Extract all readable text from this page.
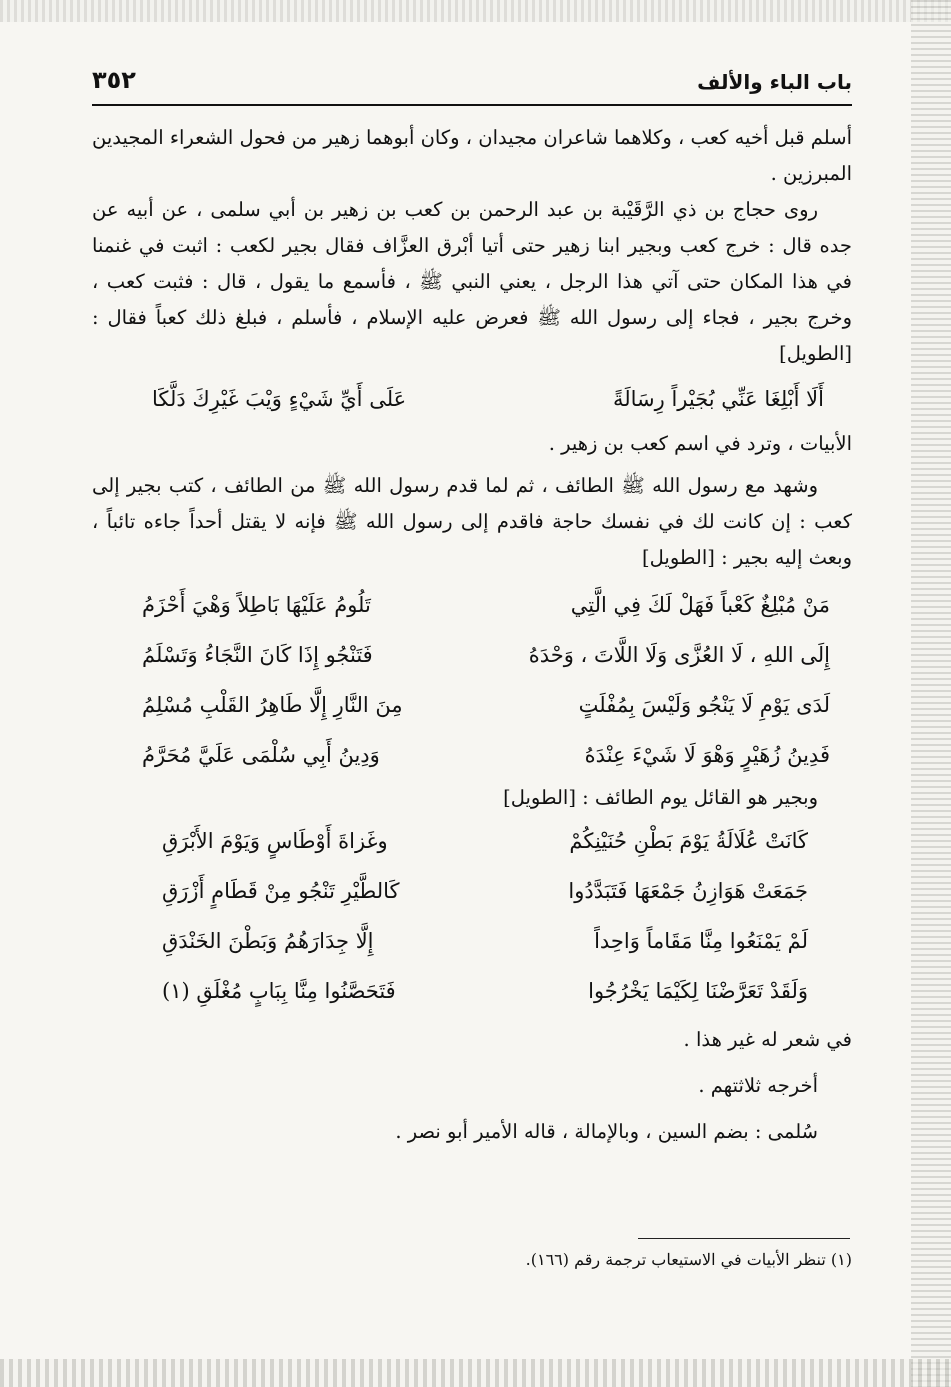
باب الباء والألف
٣٥٢

أسلم قبل أخيه كعب ، وكلاهما شاعران مجيدان ، وكان أبوهما زهير من فحول الشعراء المجيدين المبرزين .

روى حجاج بن ذي الرَّقَيْبة بن عبد الرحمن بن كعب بن زهير بن أبي سلمى ، عن أبيه عن جده قال : خرج كعب وبجير ابنا زهير حتى أتيا أبْرق العزَّاف فقال بجير لكعب : اثبت في غنمنا في هذا المكان حتى آتي هذا الرجل ، يعني النبي ﷺ ، فأسمع ما يقول ، قال : فثبت كعب ، وخرج بجير ، فجاء إلى رسول الله ﷺ فعرض عليه الإسلام ، فأسلم ، فبلغ ذلك كعباً فقال : [الطويل]

أَلَا أَبْلِغَا عَنِّي بُجَيْراً رِسَالَةً
عَلَى أَيِّ شَيْءٍ وَيْبَ غَيْرِكَ دَلَّكَا

الأبيات ، وترد في اسم كعب بن زهير .

وشهد مع رسول الله ﷺ الطائف ، ثم لما قدم رسول الله ﷺ من الطائف ، كتب بجير إلى كعب : إن كانت لك في نفسك حاجة فاقدم إلى رسول الله ﷺ فإنه لا يقتل أحداً جاءه تائباً ، وبعث إليه بجير : [الطويل]

مَنْ مُبْلِغٌ كَعْباً فَهَلْ لَكَ فِي الَّتِي
تَلُومُ عَلَيْهَا بَاطِلاً وَهْيَ أَحْزَمُ
إِلَى اللهِ ، لَا العُزَّى وَلَا اللَّاتَ ، وَحْدَهُ
فَتَنْجُو إِذَا كَانَ النَّجَاءُ وَتَسْلَمُ
لَدَى يَوْمِ لَا يَنْجُو وَلَيْسَ بِمُفْلَتٍ
مِنَ النَّارِ إِلَّا طَاهِرُ القَلْبِ مُسْلِمُ
فَدِينُ زُهَيْرٍ وَهْوَ لَا شَيْءَ عِنْدَهُ
وَدِينُ أَبِي سُلْمَى عَلَيَّ مُحَرَّمُ

وبجير هو القائل يوم الطائف : [الطويل]

كَانَتْ عُلَالَةُ يَوْمَ بَطْنِ حُنَيْنِكُمْ
وغَزاةَ أَوْطَاسٍ وَيَوْمَ الأَبْرَقِ
جَمَعَتْ هَوَازِنُ جَمْعَهَا فَتَبَدَّدُوا
كَالطَّيْرِ تَنْجُو مِنْ قَطَامٍ أَزْرَقِ
لَمْ يَمْنَعُوا مِنَّا مَقَاماً وَاحِداً
إِلَّا جِدَارَهُمُ وَبَطْنَ الخَنْدَقِ
وَلَقَدْ تَعَرَّضْنَا لِكَيْمَا يَخْرُجُوا
فَتَحَصَّنُوا مِنَّا بِبَابٍ مُغْلَقِ (١)

في شعر له غير هذا .

أخرجه ثلاثتهم .

سُلمى : بضم السين ، وبالإمالة ، قاله الأمير أبو نصر .

(١) تنظر الأبيات في الاستيعاب ترجمة رقم (١٦٦).
